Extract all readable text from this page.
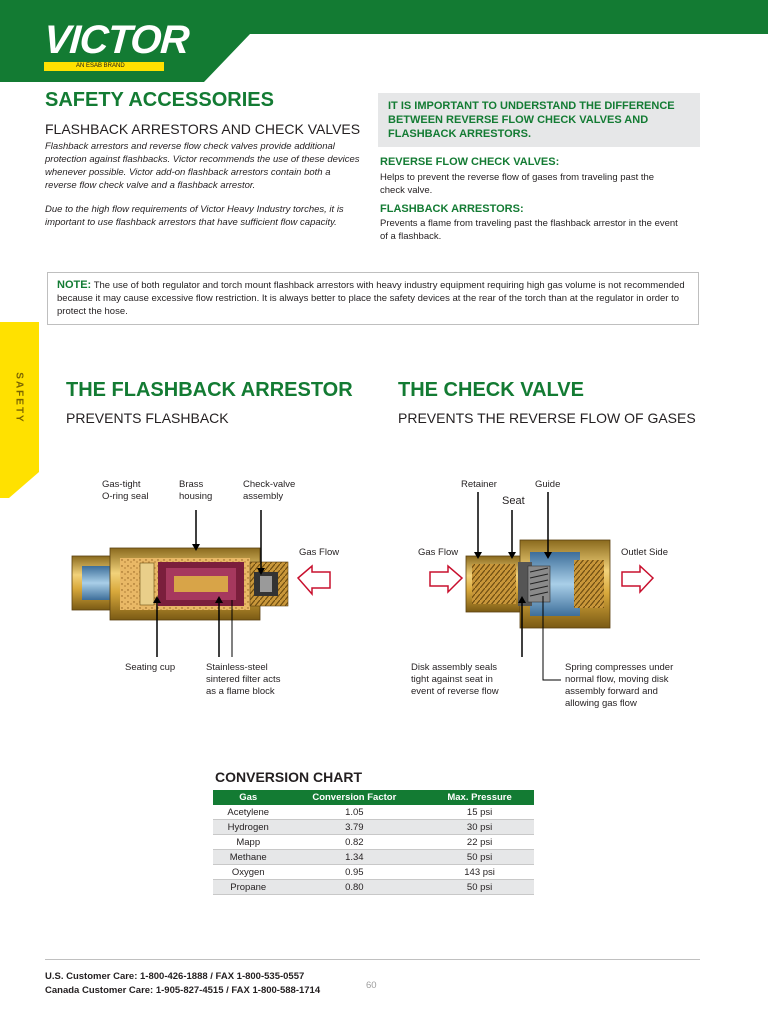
VICTOR
AN ESAB BRAND
SAFETY ACCESSORIES
FLASHBACK ARRESTORS AND CHECK VALVES
Flashback arrestors and reverse flow check valves provide additional protection against flashbacks. Victor recommends the use of these devices whenever possible. Victor add-on flashback arrestors contain both a reverse flow check valve and a flashback arrestor.
Due to the high flow requirements of Victor Heavy Industry torches, it is important to use flashback arrestors that have sufficient flow capacity.
IT IS IMPORTANT TO UNDERSTAND THE DIFFERENCE BETWEEN REVERSE FLOW CHECK VALVES AND FLASHBACK ARRESTORS.
REVERSE FLOW CHECK VALVES:
Helps to prevent the reverse flow of gases from traveling past the check valve.
FLASHBACK ARRESTORS:
Prevents a flame from traveling past the flashback arrestor in the event of a flashback.
NOTE: The use of both regulator and torch mount flashback arrestors with heavy industry equipment requiring high gas volume is not recommended because it may cause excessive flow restriction. It is always better to place the safety devices at the rear of the torch than at the regulator in order to protect the hose.
SAFETY THE FLASHBACK ARRESTOR
PREVENTS FLASHBACK
THE CHECK VALVE
PREVENTS THE REVERSE FLOW OF GASES
Gas-tight
O-ring seal
Brass
housing
Check-valve
assembly
Gas Flow
Seating cup	Stainless-steel
sintered filter acts
as a flame block
Retainer	Guide
Seat
Gas Flow	Outlet Side
Disk assembly seals
tight against seat in
event of reverse flow
Spring compresses under
normal flow, moving disk
assembly forward and
allowing gas flow
CONVERSION CHART
Gas	Conversion Factor	Max. Pressure
Acetylene	1.05	15 psi
Hydrogen	3.79	30 psi
Mapp	0.82	22 psi
Methane	1.34	50 psi
Oxygen	0.95	143 psi
Propane	0.80	50 psi
U.S. Customer Care: 1-800-426-1888 / FAX 1-800-535-0557
Canada Customer Care: 1-905-827-4515 / FAX 1-800-588-1714	60
